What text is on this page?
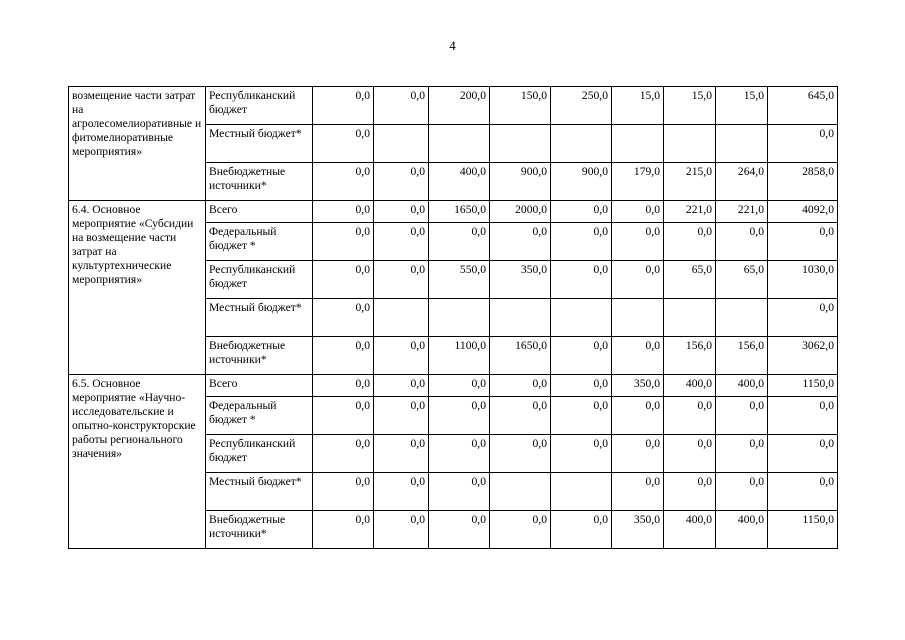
4
возмещение части затрат на агролесомелиоративные и фитомелиоративные мероприятия»	Республиканский бюджет	0,0	0,0	200,0	150,0	250,0	15,0	15,0	15,0	645,0
	Местный бюджет*	0,0								0,0
	Внебюджетные источники*	0,0	0,0	400,0	900,0	900,0	179,0	215,0	264,0	2858,0
6.4. Основное мероприятие «Субсидии на возмещение части затрат на культуртехнические мероприятия»	Всего	0,0	0,0	1650,0	2000,0	0,0	0,0	221,0	221,0	4092,0
	Федеральный бюджет *	0,0	0,0	0,0	0,0	0,0	0,0	0,0	0,0	0,0
	Республиканский бюджет	0,0	0,0	550,0	350,0	0,0	0,0	65,0	65,0	1030,0
	Местный бюджет*	0,0								0,0
	Внебюджетные источники*	0,0	0,0	1100,0	1650,0	0,0	0,0	156,0	156,0	3062,0
6.5. Основное мероприятие «Научно-исследовательские и опытно-конструкторские работы регионального значения»	Всего	0,0	0,0	0,0	0,0	0,0	350,0	400,0	400,0	1150,0
	Федеральный бюджет *	0,0	0,0	0,0	0,0	0,0	0,0	0,0	0,0	0,0
	Республиканский бюджет	0,0	0,0	0,0	0,0	0,0	0,0	0,0	0,0	0,0
	Местный бюджет*	0,0	0,0	0,0			0,0	0,0	0,0	0,0
	Внебюджетные источники*	0,0	0,0	0,0	0,0	0,0	350,0	400,0	400,0	1150,0
